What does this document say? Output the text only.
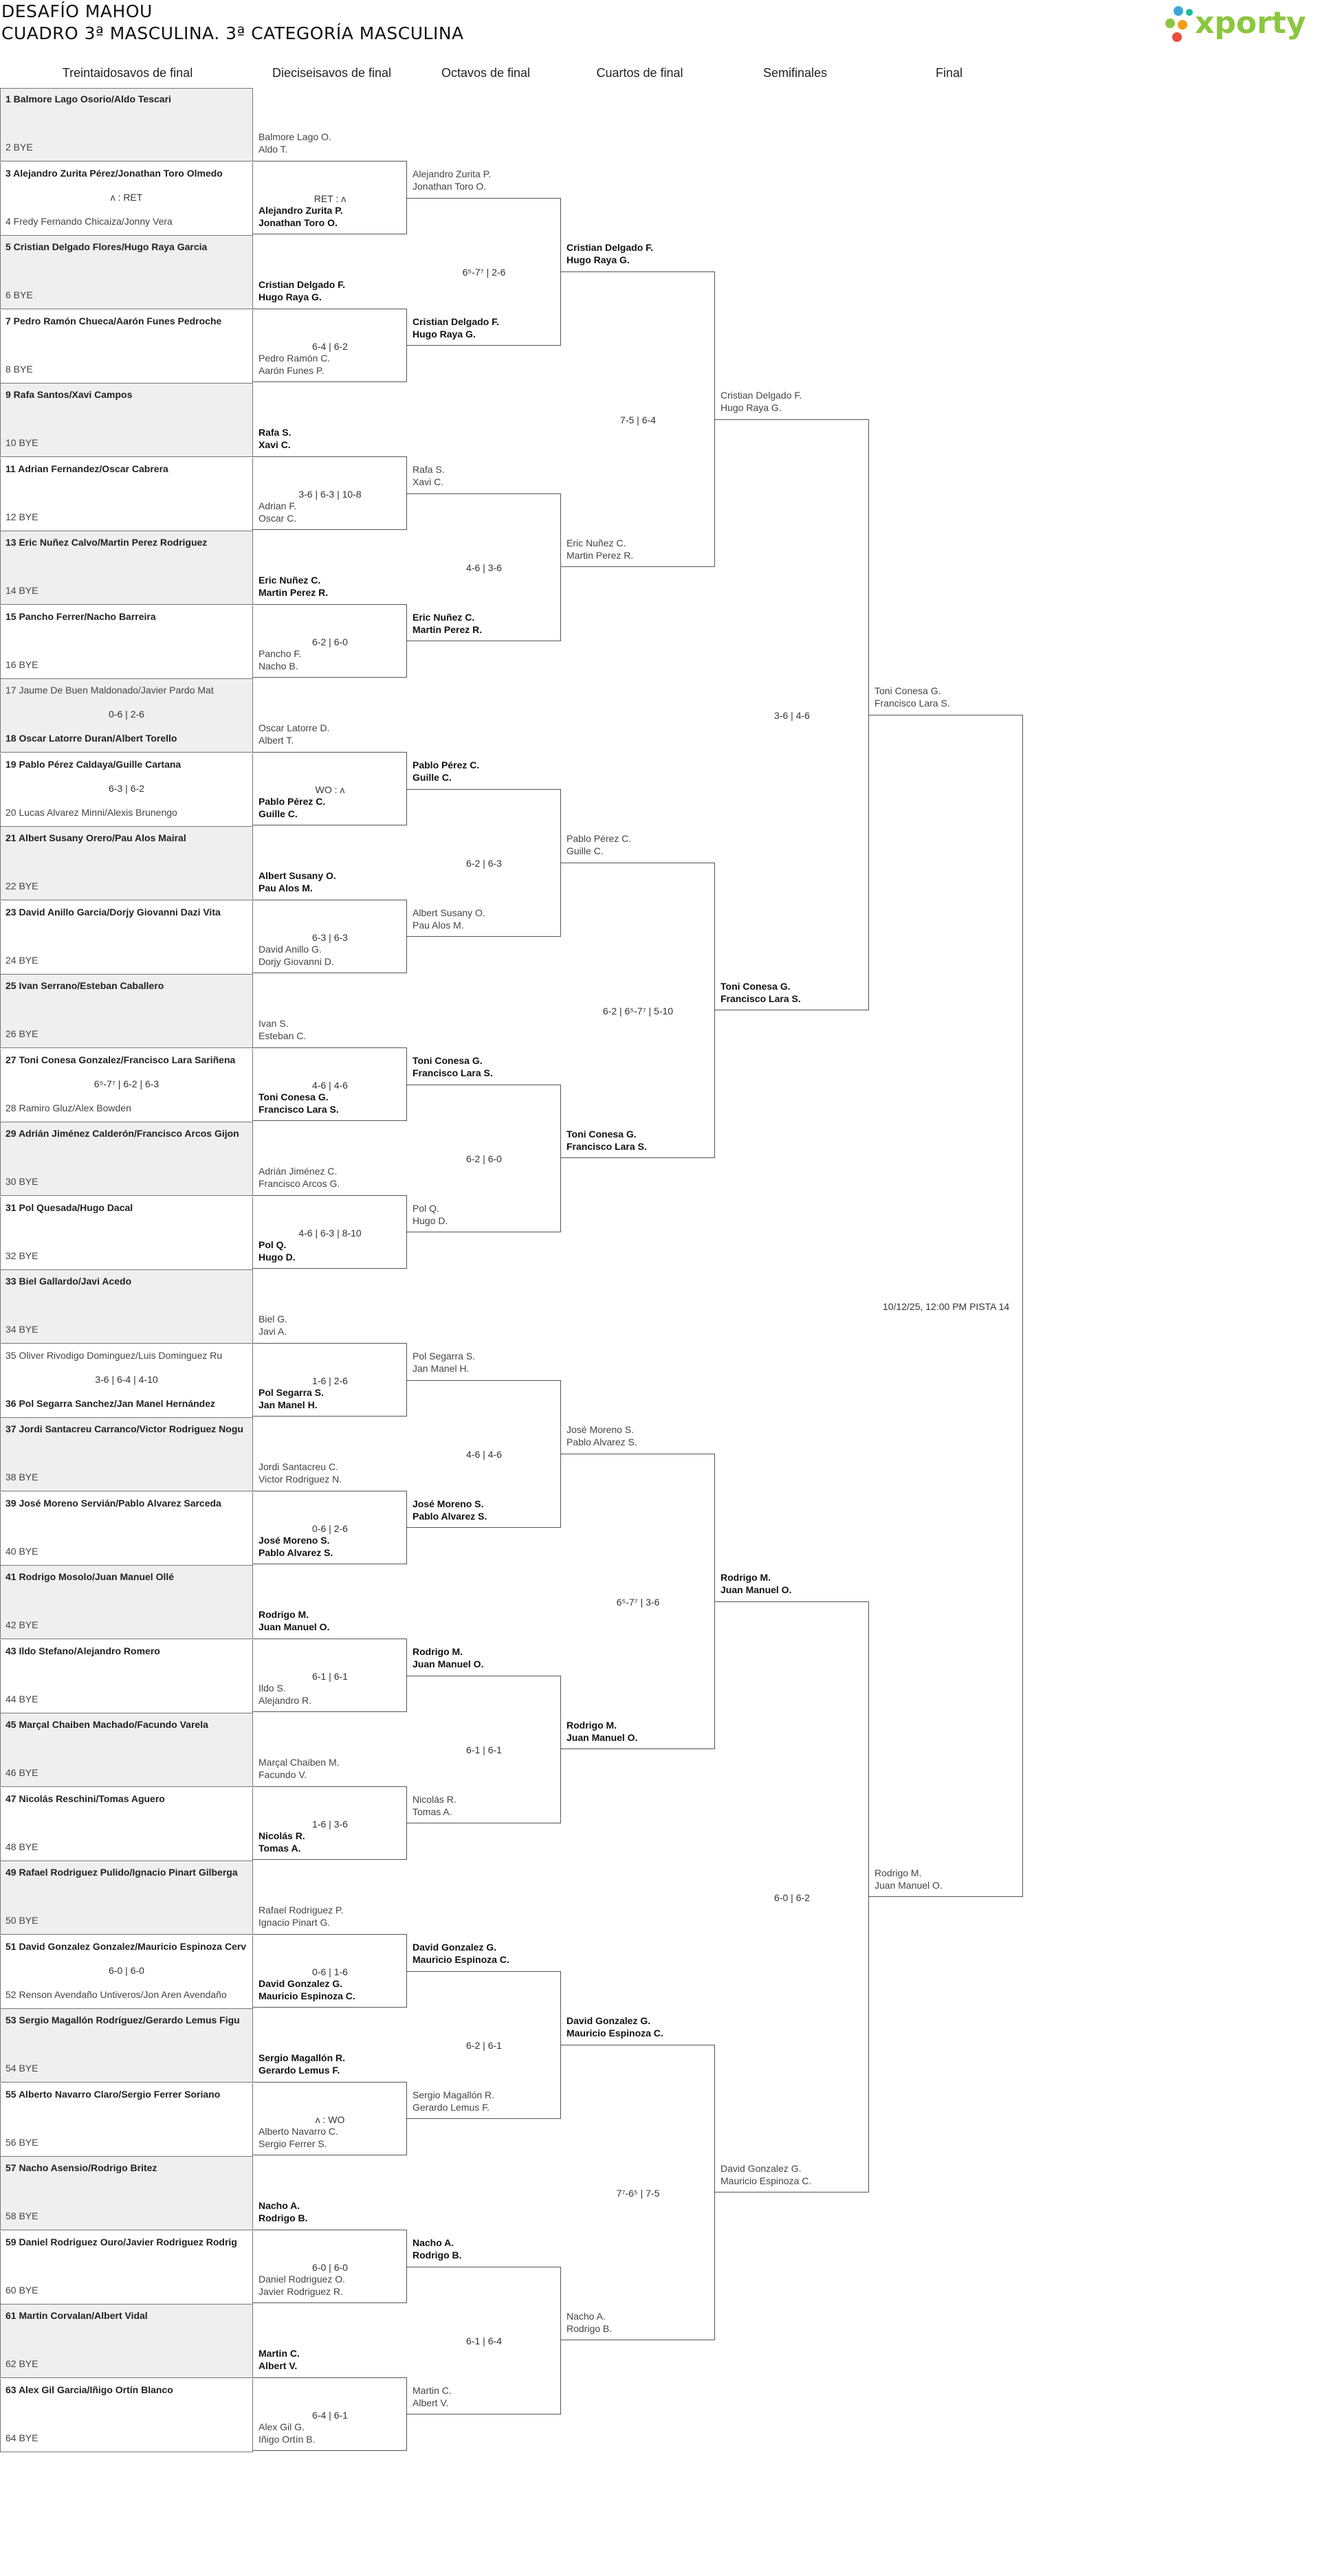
DESAFÍO MAHOU
CUADRO 3ª MASCULINA. 3ª CATEGORÍA MASCULINA	xporty
Treintaidosavos de final	Dieciseisavos de final	Octavos de final	Cuartos de final	Semifinales	Final
1 Balmore Lago Osorio/Aldo Tescari
2 BYE
3 Alejandro Zurita Pérez/Jonathan Toro Olmedo
4 Fredy Fernando Chicaiza/Jonny Vera
ʌ : RET
5 Cristian Delgado Flores/Hugo Raya Garcia
6 BYE
7 Pedro Ramón Chueca/Aarón Funes Pedroche
8 BYE
9 Rafa Santos/Xavi Campos
10 BYE
11 Adrian Fernandez/Oscar Cabrera
12 BYE
13 Eric Nuñez Calvo/Martin Perez Rodriguez
14 BYE
15 Pancho Ferrer/Nacho Barreira
16 BYE
17 Jaume De Buen Maldonado/Javier Pardo Mat
18 Oscar Latorre Duran/Albert Torello
0-6 | 2-6
19 Pablo Pérez Caldaya/Guille Cartana
20 Lucas Alvarez Minni/Alexis Brunengo
6-3 | 6-2
21 Albert Susany Orero/Pau Alos Mairal
22 BYE
23 David Anillo Garcia/Dorjy Giovanni Dazi Vita
24 BYE
25 Ivan Serrano/Esteban Caballero
26 BYE
27 Toni Conesa Gonzalez/Francisco Lara Sariñena
28 Ramiro Gluz/Alex Bowden
6⁵-7⁷ | 6-2 | 6-3
29 Adrián Jiménez Calderón/Francisco Arcos Gijon
30 BYE
31 Pol Quesada/Hugo Dacal
32 BYE
33 Biel Gallardo/Javi Acedo
34 BYE
35 Oliver Rivodigo Dominguez/Luis Dominguez Ru
36 Pol Segarra Sanchez/Jan Manel Hernández
3-6 | 6-4 | 4-10
37 Jordi Santacreu Carranco/Victor Rodriguez Nogu
38 BYE
39 José Moreno Servián/Pablo Alvarez Sarceda
40 BYE
41 Rodrigo Mosolo/Juan Manuel Ollé
42 BYE
43 Ildo Stefano/Alejandro Romero
44 BYE
45 Marçal Chaiben Machado/Facundo Varela
46 BYE
47 Nicolás Reschini/Tomas Aguero
48 BYE
49 Rafael Rodriguez Pulido/Ignacio Pinart Gilberga
50 BYE
51 David Gonzalez Gonzalez/Mauricio Espinoza Cerv
52 Renson Avendaño Untiveros/Jon Aren Avendaño
6-0 | 6-0
53 Sergio Magallón Rodríguez/Gerardo Lemus Figu
54 BYE
55 Alberto Navarro Claro/Sergio Ferrer Soriano
56 BYE
57 Nacho Asensio/Rodrigo Britez
58 BYE
59 Daniel Rodriguez Ouro/Javier Rodriguez Rodrig
60 BYE
61 Martin Corvalan/Albert Vidal
62 BYE
63 Alex Gil Garcia/Iñigo Ortín Blanco
64 BYE
Balmore Lago O.
Aldo T.
Alejandro Zurita P.
Jonathan Toro O.
RET : ʌ
Cristian Delgado F.
Hugo Raya G.
Pedro Ramón C.
Aarón Funes P.
6-4 | 6-2
Rafa S.
Xavi C.
Adrian F.
Oscar C.
3-6 | 6-3 | 10-8
Eric Nuñez C.
Martin Perez R.
Pancho F.
Nacho B.
6-2 | 6-0
Oscar Latorre D.
Albert T.
Pablo Pérez C.
Guille C.
WO : ʌ
Albert Susany O.
Pau Alos M.
David Anillo G.
Dorjy Giovanni D.
6-3 | 6-3
Ivan S.
Esteban C.
Toni Conesa G.
Francisco Lara S.
4-6 | 4-6
Adrián Jiménez C.
Francisco Arcos G.
Pol Q.
Hugo D.
4-6 | 6-3 | 8-10
Biel G.
Javi A.
Pol Segarra S.
Jan Manel H.
1-6 | 2-6
Jordi Santacreu C.
Victor Rodriguez N.
José Moreno S.
Pablo Alvarez S.
0-6 | 2-6
Rodrigo M.
Juan Manuel O.
Ildo S.
Alejandro R.
6-1 | 6-1
Marçal Chaiben M.
Facundo V.
Nicolás R.
Tomas A.
1-6 | 3-6
Rafael Rodriguez P.
Ignacio Pinart G.
David Gonzalez G.
Mauricio Espinoza C.
0-6 | 1-6
Sergio Magallón R.
Gerardo Lemus F.
Alberto Navarro C.
Sergio Ferrer S.
ʌ : WO
Nacho A.
Rodrigo B.
Daniel Rodriguez O.
Javier Rodriguez R.
6-0 | 6-0
Martin C.
Albert V.
Alex Gil G.
Iñigo Ortín B.
6-4 | 6-1
Alejandro Zurita P.
Jonathan Toro O.
Cristian Delgado F.
Hugo Raya G.
6⁵-7⁷ | 2-6
Rafa S.
Xavi C.
Eric Nuñez C.
Martin Perez R.
4-6 | 3-6
Pablo Pérez C.
Guille C.
Albert Susany O.
Pau Alos M.
6-2 | 6-3
Toni Conesa G.
Francisco Lara S.
Pol Q.
Hugo D.
6-2 | 6-0
Pol Segarra S.
Jan Manel H.
José Moreno S.
Pablo Alvarez S.
4-6 | 4-6
Rodrigo M.
Juan Manuel O.
Nicolás R.
Tomas A.
6-1 | 6-1
David Gonzalez G.
Mauricio Espinoza C.
Sergio Magallón R.
Gerardo Lemus F.
6-2 | 6-1
Nacho A.
Rodrigo B.
Martin C.
Albert V.
6-1 | 6-4
Cristian Delgado F.
Hugo Raya G.
Eric Nuñez C.
Martin Perez R.
7-5 | 6-4
Pablo Pérez C.
Guille C.
Toni Conesa G.
Francisco Lara S.
6-2 | 6⁵-7⁷ | 5-10
José Moreno S.
Pablo Alvarez S.
Rodrigo M.
Juan Manuel O.
6⁵-7⁷ | 3-6
David Gonzalez G.
Mauricio Espinoza C.
Nacho A.
Rodrigo B.
7⁷-6⁵ | 7-5
Cristian Delgado F.
Hugo Raya G.
Toni Conesa G.
Francisco Lara S.
3-6 | 4-6
Rodrigo M.
Juan Manuel O.
David Gonzalez G.
Mauricio Espinoza C.
6-0 | 6-2
Toni Conesa G.
Francisco Lara S.
Rodrigo M.
Juan Manuel O.
10/12/25, 12:00 PM PISTA 14
